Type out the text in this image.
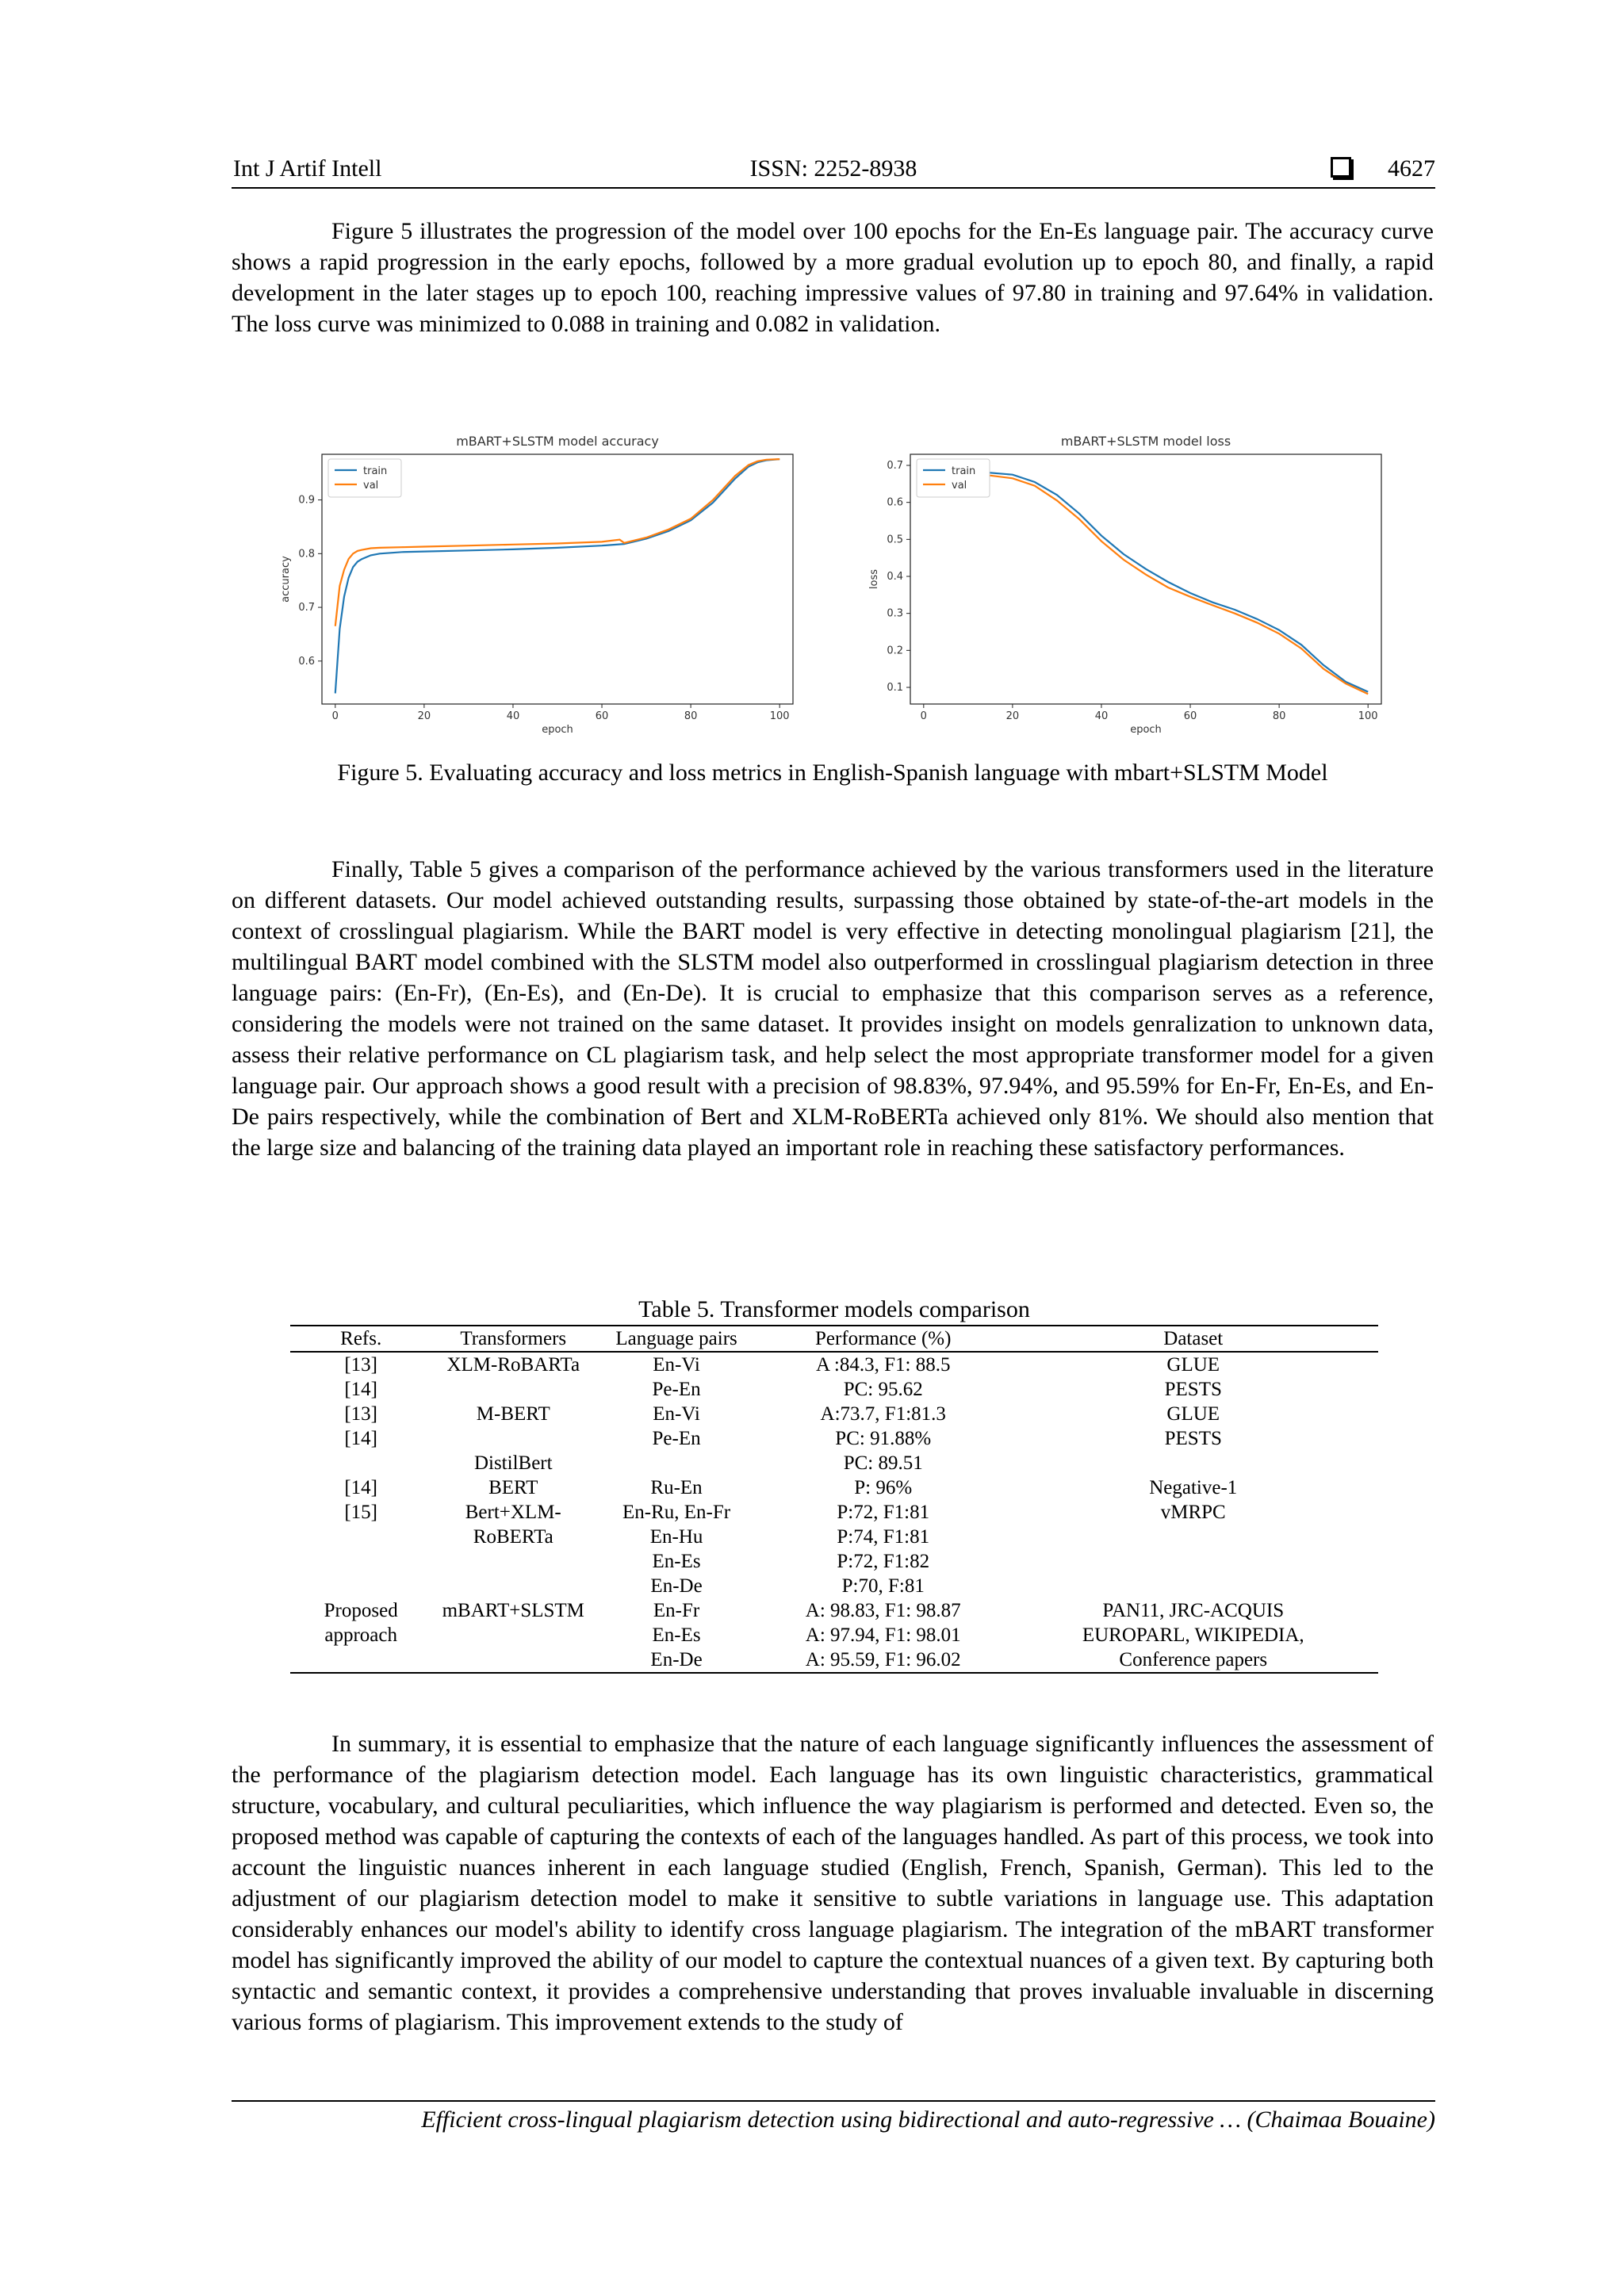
Int J Artif Intell	ISSN: 2252-8938	4627
Figure 5 illustrates the progression of the model over 100 epochs for the En-Es language pair. The accuracy curve shows a rapid progression in the early epochs, followed by a more gradual evolution up to epoch 80, and finally, a rapid development in the later stages up to epoch 100, reaching impressive values of 97.80 in training and 97.64% in validation. The loss curve was minimized to 0.088 in training and 0.082 in validation.
mBART+SLSTM model accuracy
0	20	40	60	80	100
0.6
0.7
0.8
0.9
epoch
accuracy
train
val
mBART+SLSTM model loss
0	20	40	60	80	100
0.1
0.2
0.3
0.4
0.5
0.6
0.7
epoch
loss
train
val
Figure 5. Evaluating accuracy and loss metrics in English-Spanish language with mbart+SLSTM Model
Finally, Table 5 gives a comparison of the performance achieved by the various transformers used in the literature on different datasets. Our model achieved outstanding results, surpassing those obtained by state-of-the-art models in the context of crosslingual plagiarism. While the BART model is very effective in detecting monolingual plagiarism [21], the multilingual BART model combined with the SLSTM model also outperformed in crosslingual plagiarism detection in three language pairs: (En-Fr), (En-Es), and (En-De). It is crucial to emphasize that this comparison serves as a reference, considering the models were not trained on the same dataset. It provides insight on models genralization to unknown data, assess their relative performance on CL plagiarism task, and help select the most appropriate transformer model for a given language pair. Our approach shows a good result with a precision of 98.83%, 97.94%, and 95.59% for En-Fr, En-Es, and En-De pairs respectively, while the combination of Bert and XLM-RoBERTa achieved only 81%. We should also mention that the large size and balancing of the training data played an important role in reaching these satisfactory performances.
Table 5. Transformer models comparison
Refs.	Transformers	Language pairs	Performance (%)	Dataset
[13]	XLM-RoBARTa	En-Vi	A :84.3, F1: 88.5	GLUE
[14]		Pe-En	PC: 95.62	PESTS
[13]	M-BERT	En-Vi	A:73.7, F1:81.3	GLUE
[14]		Pe-En	PC: 91.88%	PESTS
	DistilBert		PC: 89.51	
[14]	BERT	Ru-En	P: 96%	Negative-1
[15]	Bert+XLM-	En-Ru, En-Fr	P:72, F1:81	vMRPC
	RoBERTa	En-Hu	P:74, F1:81	
		En-Es	P:72, F1:82	
		En-De	P:70, F:81	
Proposed	mBART+SLSTM	En-Fr	A: 98.83, F1: 98.87	PAN11, JRC-ACQUIS
approach		En-Es	A: 97.94, F1: 98.01	EUROPARL, WIKIPEDIA,
		En-De	A: 95.59, F1: 96.02	Conference papers
In summary, it is essential to emphasize that the nature of each language significantly influences the assessment of the performance of the plagiarism detection model. Each language has its own linguistic characteristics, grammatical structure, vocabulary, and cultural peculiarities, which influence the way plagiarism is performed and detected. Even so, the proposed method was capable of capturing the contexts of each of the languages handled. As part of this process, we took into account the linguistic nuances inherent in each language studied (English, French, Spanish, German). This led to the adjustment of our plagiarism detection model to make it sensitive to subtle variations in language use. This adaptation considerably enhances our model's ability to identify cross language plagiarism. The integration of the mBART transformer model has significantly improved the ability of our model to capture the contextual nuances of a given text. By capturing both syntactic and semantic context, it provides a comprehensive understanding that proves invaluable invaluable in discerning various forms of plagiarism. This improvement extends to the study of
Efficient cross-lingual plagiarism detection using bidirectional and auto-regressive … (Chaimaa Bouaine)
